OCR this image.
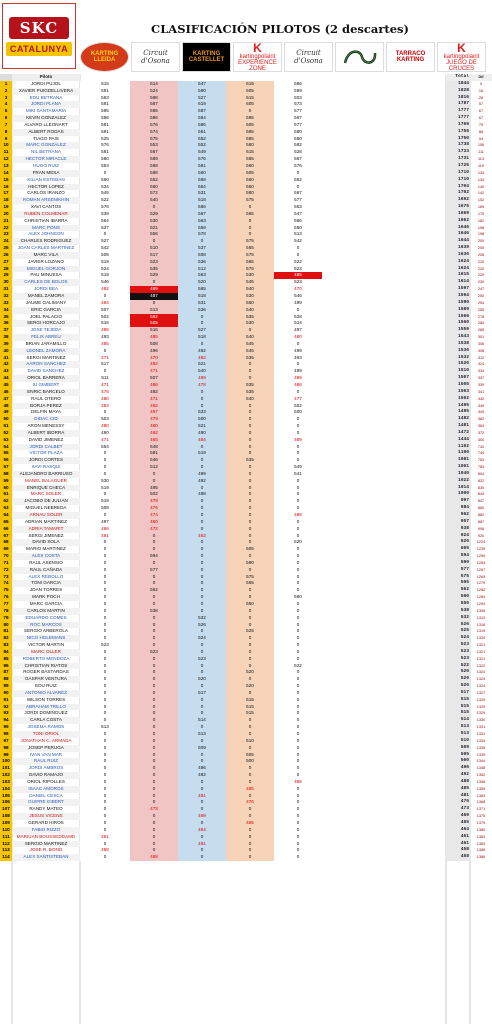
SKC
CATALUNYA
CLASIFICACIÓN PILOTOS (2 descartes)
KARTING
LLEIDA
Circuit
d'Osona
KARTING
CASTELLET
K
kartingpolaint
EXPERIENCE ZONE
Circuit
d'Osona
TARRACO
KARTING
K
kartingpolaint
JUEGO DE CRUCES
Piloto	Total	Dif
1	JORDI PUJOL	615	614	547	615	586	1844	0
2	XAVIER PUIGDELLIVERA	591	524	590	605	599	1828	16
3	EDU BETRANA	563	598	527	615	603	1816	28
4	JORDI PLANA	591	587	619	605	573	1787	57
5	MIKI SANTAMARIA	595	585	587	0	577	1777	67
6	KEVIN GONZALEZ	596	586	584	595	567	1777	67
7	ALVARO LLEONART	581	576	586	605	577	1769	75
8	ALBERT RODAS	591	574	561	585	580	1756	88
9	TIAGO PAIS	525	575	552	585	590	1750	94
10	MARC GONZALEZ	576	553	552	580	582	1738	106
11	NIL BETRANA	581	567	549	615	528	1733	111
12	HECTOR MIRACLE	580	589	576	565	567	1731	113
13	HUGO RUIZ	553	568	581	560	576	1725	119
14	FRAN MESA	0	598	560	605	0	1710	134
15	KILIAN ESTEBAN	560	552	568	560	582	1710	134
16	HECTOR LOPEZ	534	560	564	560	0	1704	140
17	CARLOS IRANZO	549	572	531	580	567	1702	142
18	ROMAN ARSENIKHIN	522	540	518	575	577	1692	152
19	XAVI CANTOS	576	0	586	0	553	1675	169
20	RUBEN COLMENAR	539	529	567	565	547	1669	175
21	CHRISTIAN IBARRA	564	530	563	0	566	1662	182
22	MARC PONS	537	521	559	0	550	1646	198
23	ALEX JOHNSON	0	556	578	0	513	1646	198
24	CHARLES RODRIGUEZ	527	0	0	575	542	1644	200
25	JOAN CARLES MARTINEZ	542	510	537	565	0	1639	205
26	MARC VILA	505	517	508	575	0	1636	208
27	JAVIER LOZANO	519	523	536	565	522	1624	220
28	MIGUEL GORJON	524	535	512	575	523	1624	220
29	PAU MINUESA	519	529	563	530	485	1615	229
30	CARLES DE BOLOS	546	0	520	545	523	1614	230
31	JORDI BEA	482	489	565	540	470	1597	247
32	MANEL ZAMORA	0	487	518	530	546	1594	250
33	JAUME GALIMANY	484	0	531	560	499	1590	254
34	ERIC GARCIA	507	513	536	540	0	1589	255
35	JOEL PALACIO	502	562	0	535	528	1566	278
36	SERGI HORCAJO	516	505	0	530	514	1560	284
37	JOSE TEJEDA	486	516	527	0	497	1559	285
38	FELIX ABREU	493	485	518	540	480	1543	301
39	BRIAN JARAMILLO	485	508	0	545	0	1538	306
40	LEONEL ZAMORA	0	496	492	545	499	1536	308
41	SERGI MARTINEZ	471	470	482	535	493	1532	312
42	AARON SANCHEZ	517	482	521	0	0	1520	324
43	DAVID SANCHEZ	0	471	540	0	499	1510	334
44	ORIOL BARRERA	511	507	489	0	489	1507	337
45	IU GIMBERT	471	486	478	535	486	1505	339
46	ENRIC BARCELO	476	492	0	535	0	1503	341
47	RAUL OTERO	480	471	0	540	477	1502	342
48	BORJA PEREZ	483	462	0	0	502	1495	349
49	DELFIN MAYA	0	467	533	0	500	1495	349
50	DIDAC CID	503	479	500	0	0	1482	362
51	ARON MENESSY	480	480	521	0	0	1481	363
52	ALBERT IBORRA	490	462	490	0	0	1472	372
53	DAVID JIMENEZ	471	465	484	0	489	1444	400
54	JORDI CALBET	554	548	0	0	0	1102	742
55	VICTOR PLAZA	0	581	519	0	0	1100	744
56	JORDI CORTES	0	546	0	535	0	1081	763
57	XAVI RASQUI	0	512	0	0	549	1061	783
58	ALEJANDRO BARRIUSO	0	0	499	0	541	1040	804
59	MANEL BALAGUER	530	0	492	0	0	1022	822
60	ENRIQUE CHECA	519	495	0	0	0	1014	830
61	MARC SOLER	0	502	498	0	0	1000	844
62	JACOBO DE JULIAN	519	478	0	0	0	997	847
63	MIGUEL NEBREDA	508	476	0	0	0	984	860
64	ARNAU SOLER	0	474	0	0	488	962	882
65	ADRIAN MARTINEZ	497	460	0	0	0	957	887
66	ADRIA TAMARIT	466	472	0	0	0	938	906
67	SERGI JIMENEZ	461	0	463	0	0	924	920
68	DAVID SOLA	0	0	0	0	620	620	1224
69	MARIO MARTINEZ	0	0	0	605	0	605	1239
70	ALEX COSTA	0	594	0	0	0	594	1250
71	RAUL ASENSIO	0	0	0	590	0	590	1254
72	RAUL CAÑADA	0	577	0	0	0	577	1267
73	ALEX REBOLLO	0	0	0	575	0	575	1269
74	TONI GARCIA	0	0	0	565	0	565	1279
75	JOAN TORRES	0	562	0	0	0	562	1282
76	MARK POCH	0	0	0	0	560	560	1284
77	MARC GARCIA	0	0	0	550	0	550	1294
78	CARLOS MARTIN	0	538	0	0	0	538	1306
79	EDUARDO COMES	0	0	532	0	0	532	1312
80	ROC MARCOS	0	0	526	0	0	526	1318
81	SERGIO ARBEROLA	0	0	0	525	0	525	1319
82	NICO HOLEMANS	0	0	524	0	0	524	1320
83	VICTOR MARTIN	523	0	0	0	0	523	1321
84	MARC OLLER	0	523	0	0	0	523	1321
85	ROBERTO MENDOZA	0	0	523	0	0	523	1321
86	CHRISTIAN RIATOS	0	0	0	0	522	522	1322
87	ROGER BASTARDAS	0	0	0	520	0	520	1324
88	GASPAR VENTURA	0	0	520	0	0	520	1324
89	EDU RUIZ	0	0	0	520	0	520	1324
90	ANTONIO ALVAREZ	0	0	517	0	0	517	1327
91	WILSON TORRES	0	0	0	515	0	515	1329
92	ABRAHAM TRILLO	0	0	0	515	0	515	1329
93	JORDI DOMINGUEZ	0	0	0	515	0	515	1329
94	CARLA COSTA	0	0	514	0	0	514	1330
95	JOSEMA RAMOS	513	0	0	0	0	513	1331
96	TONI ORIOL	0	0	513	0	0	513	1331
97	JONATHAN C. ARMADA	0	0	0	510	0	510	1334
98	JOSEP PERUGA	0	0	509	0	0	509	1335
99	IVAN VAN MAR	0	0	0	505	0	505	1339
100	RAUL RUIZ	0	0	0	500	0	500	1344
101	JORDI AMBROS	0	0	496	0	0	496	1348
102	DAVID RAMAJO	0	0	492	0	0	492	1352
103	ORIOL RIPOLLES	0	0	0	0	488	488	1356
104	ISAAC AMOROS	0	0	0	485	0	485	1359
105	DANIEL CESCA	0	0	481	0	0	481	1363
106	GUIFRE GIBERT	0	0	0	476	0	476	1368
107	RANDY MATEO	0	473	0	0	0	473	1371
108	JESUS VICENS	0	0	469	0	0	469	1375
109	GERARD HIROS	0	0	0	465	0	465	1379
110	FABIO RIZZO	0	0	464	0	0	464	1380
111	MARIUAN BOUSSEDDAMD	461	0	0	0	0	461	1383
112	SERGIO MARTINEZ	0	0	461	0	0	461	1383
113	JOSE R. BONO	458	0	0	0	0	458	1386
114	ALEX SANTISTEBAN	0	458	0	0	0	458	1386
